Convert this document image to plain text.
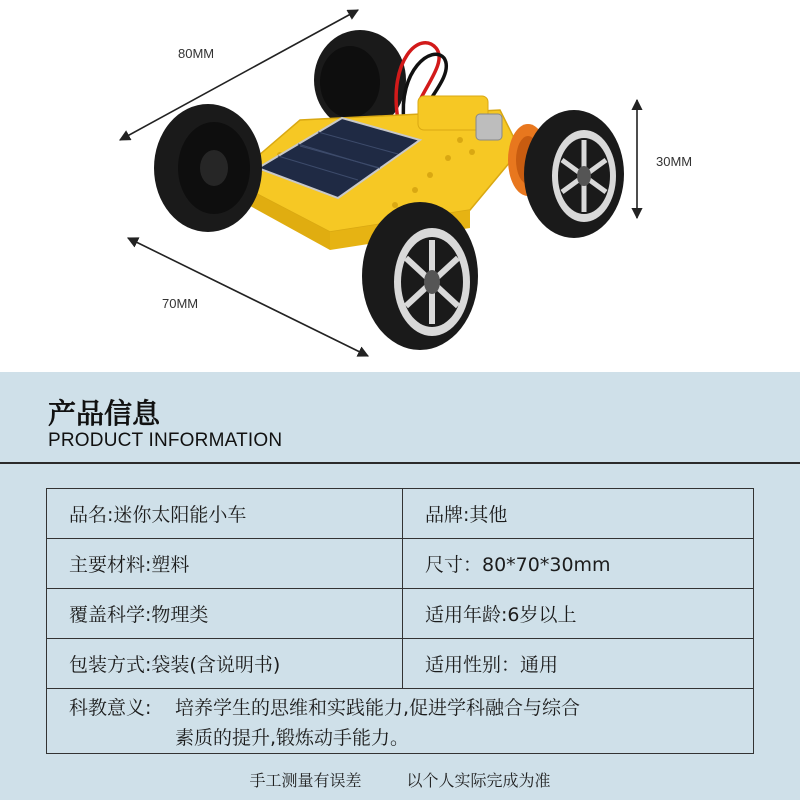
80MM
70MM
30MM
产品信息
PRODUCT INFORMATION
品名:迷你太阳能小车	品牌:其他
主要材料:塑料	尺寸：80*70*30mm
覆盖科学:物理类	适用年龄:6岁以上
包装方式:袋装(含说明书)	适用性别：通用
科教意义: 培养学生的思维和实践能力,促进学科融合与综合
素质的提升,锻炼动手能力。
手工测量有误差	以个人实际完成为准
